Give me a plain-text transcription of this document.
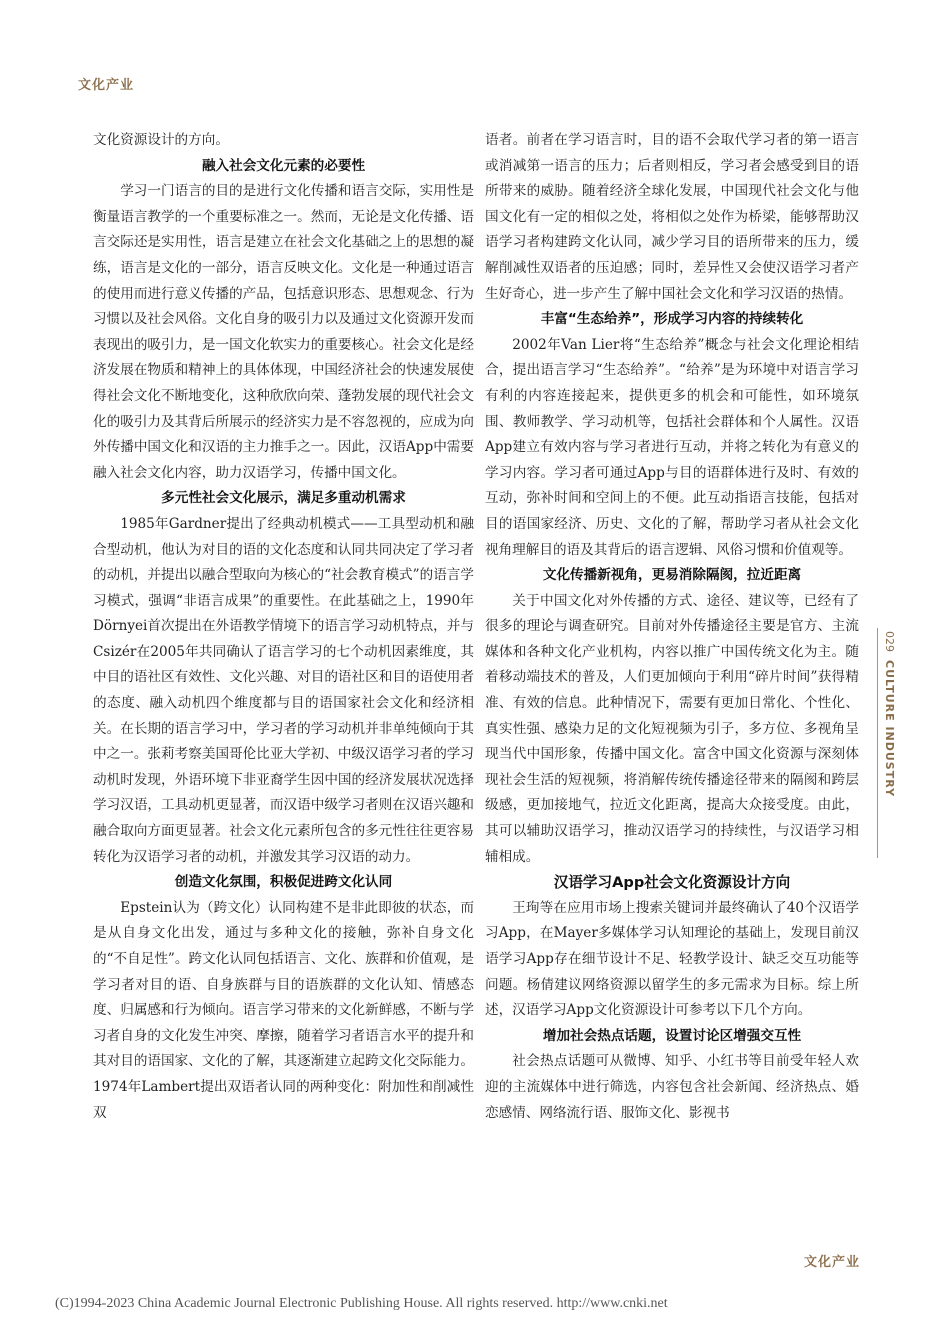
文化产业

文化资源设计的方向。

融入社会文化元素的必要性

学习一门语言的目的是进行文化传播和语言交际，实用性是衡量语言教学的一个重要标准之一。然而，无论是文化传播、语言交际还是实用性，语言是建立在社会文化基础之上的思想的凝练，语言是文化的一部分，语言反映文化。文化是一种通过语言的使用而进行意义传播的产品，包括意识形态、思想观念、行为习惯以及社会风俗。文化自身的吸引力以及通过文化资源开发而表现出的吸引力，是一国文化软实力的重要核心。社会文化是经济发展在物质和精神上的具体体现，中国经济社会的快速发展使得社会文化不断地变化，这种欣欣向荣、蓬勃发展的现代社会文化的吸引力及其背后所展示的经济实力是不容忽视的，应成为向外传播中国文化和汉语的主力推手之一。因此，汉语App中需要融入社会文化内容，助力汉语学习，传播中国文化。

多元性社会文化展示，满足多重动机需求

1985年Gardner提出了经典动机模式——工具型动机和融合型动机，他认为对目的语的文化态度和认同共同决定了学习者的动机，并提出以融合型取向为核心的“社会教育模式”的语言学习模式，强调“非语言成果”的重要性。在此基础之上，1990年Dörnyei首次提出在外语教学情境下的语言学习动机特点，并与Csizér在2005年共同确认了语言学习的七个动机因素维度，其中目的语社区有效性、文化兴趣、对目的语社区和目的语使用者的态度、融入动机四个维度都与目的语国家社会文化和经济相关。在长期的语言学习中，学习者的学习动机并非单纯倾向于其中之一。张莉考察美国哥伦比亚大学初、中级汉语学习者的学习动机时发现，外语环境下非亚裔学生因中国的经济发展状况选择学习汉语，工具动机更显著，而汉语中级学习者则在汉语兴趣和融合取向方面更显著。社会文化元素所包含的多元性往往更容易转化为汉语学习者的动机，并激发其学习汉语的动力。

创造文化氛围，积极促进跨文化认同

Epstein认为（跨文化）认同构建不是非此即彼的状态，而是从自身文化出发，通过与多种文化的接触，弥补自身文化的“不自足性”。跨文化认同包括语言、文化、族群和价值观，是学习者对目的语、自身族群与目的语族群的文化认知、情感态度、归属感和行为倾向。语言学习带来的文化新鲜感，不断与学习者自身的文化发生冲突、摩擦，随着学习者语言水平的提升和其对目的语国家、文化的了解，其逐渐建立起跨文化交际能力。1974年Lambert提出双语者认同的两种变化：附加性和削减性双

语者。前者在学习语言时，目的语不会取代学习者的第一语言或消减第一语言的压力；后者则相反，学习者会感受到目的语所带来的威胁。随着经济全球化发展，中国现代社会文化与他国文化有一定的相似之处，将相似之处作为桥梁，能够帮助汉语学习者构建跨文化认同，减少学习目的语所带来的压力，缓解削减性双语者的压迫感；同时，差异性又会使汉语学习者产生好奇心，进一步产生了解中国社会文化和学习汉语的热情。

丰富“生态给养”，形成学习内容的持续转化

2002年Van Lier将“生态给养”概念与社会文化理论相结合，提出语言学习“生态给养”。“给养”是为环境中对语言学习有利的内容连接起来，提供更多的机会和可能性，如环境氛围、教师教学、学习动机等，包括社会群体和个人属性。汉语App建立有效内容与学习者进行互动，并将之转化为有意义的学习内容。学习者可通过App与目的语群体进行及时、有效的互动，弥补时间和空间上的不便。此互动指语言技能，包括对目的语国家经济、历史、文化的了解，帮助学习者从社会文化视角理解目的语及其背后的语言逻辑、风俗习惯和价值观等。

文化传播新视角，更易消除隔阂，拉近距离

关于中国文化对外传播的方式、途径、建议等，已经有了很多的理论与调查研究。目前对外传播途径主要是官方、主流媒体和各种文化产业机构，内容以推广中国传统文化为主。随着移动端技术的普及，人们更加倾向于利用“碎片时间”获得精准、有效的信息。此种情况下，需要有更加日常化、个性化、真实性强、感染力足的文化短视频为引子，多方位、多视角呈现当代中国形象，传播中国文化。富含中国文化资源与深刻体现社会生活的短视频，将消解传统传播途径带来的隔阂和跨层级感，更加接地气，拉近文化距离，提高大众接受度。由此，其可以辅助汉语学习，推动汉语学习的持续性，与汉语学习相辅相成。

汉语学习App社会文化资源设计方向

王珣等在应用市场上搜索关键词并最终确认了40个汉语学习App，在Mayer多媒体学习认知理论的基础上，发现目前汉语学习App存在细节设计不足、轻教学设计、缺乏交互功能等问题。杨倩建议网络资源以留学生的多元需求为目标。综上所述，汉语学习App文化资源设计可参考以下几个方向。

增加社会热点话题，设置讨论区增强交互性

社会热点话题可从微博、知乎、小红书等目前受年轻人欢迎的主流媒体中进行筛选，内容包含社会新闻、经济热点、婚恋感情、网络流行语、服饰文化、影视书

029
CULTURE INDUSTRY
文化产业
(C)1994-2023 China Academic Journal Electronic Publishing House. All rights reserved. http://www.cnki.net
